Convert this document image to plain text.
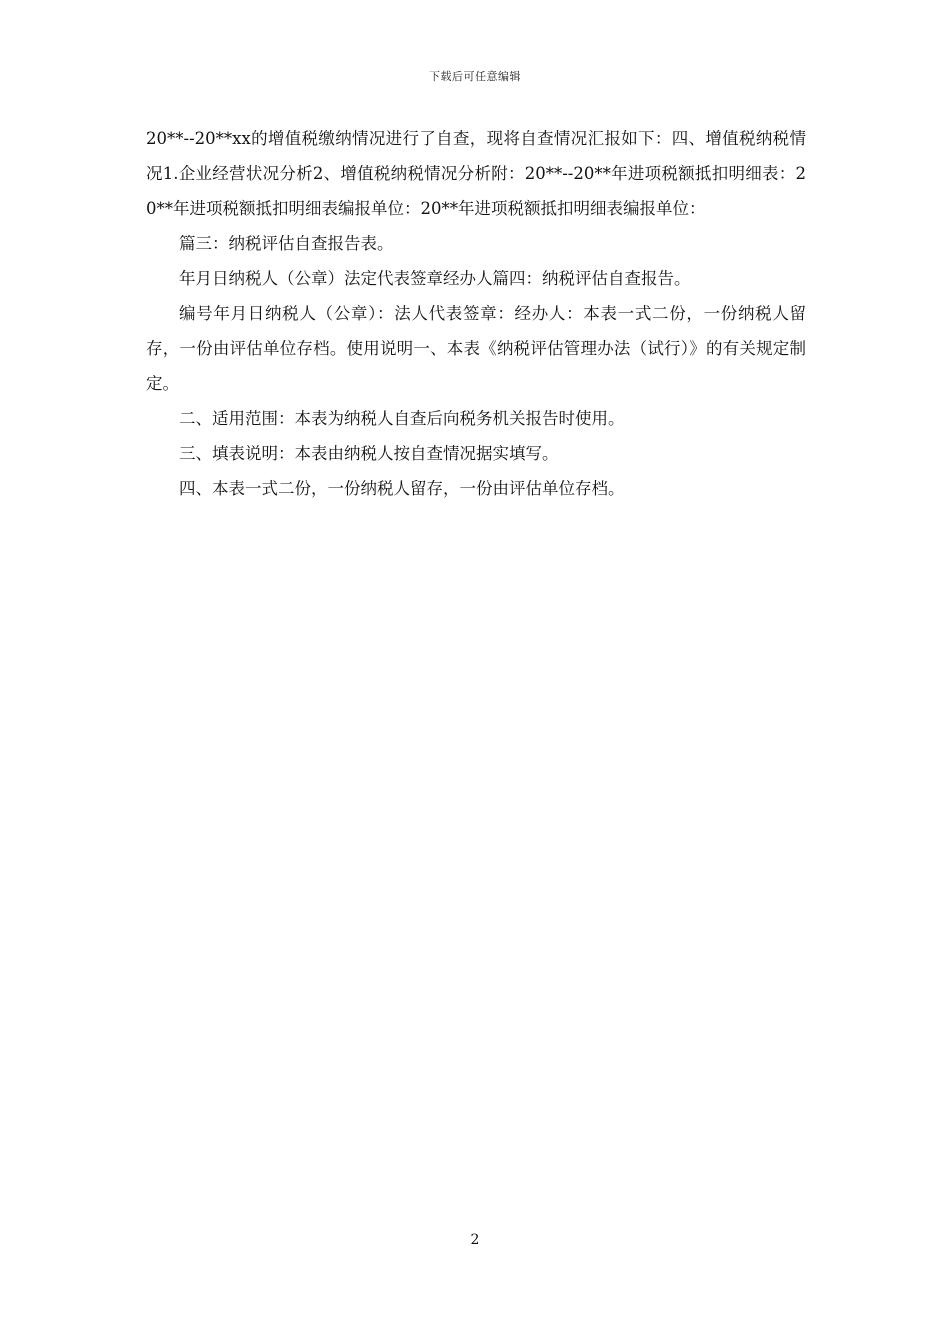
下载后可任意编辑

20**--20**xx的增值税缴纳情况进行了自查，现将自查情况汇报如下：四、增值税纳税情况1.企业经营状况分析2、增值税纳税情况分析附：20**--20**年进项税额抵扣明细表：20**年进项税额抵扣明细表编报单位：20**年进项税额抵扣明细表编报单位：

篇三：纳税评估自查报告表。

年月日纳税人（公章）法定代表签章经办人篇四：纳税评估自查报告。

编号年月日纳税人（公章）：法人代表签章：经办人：本表一式二份，一份纳税人留存，一份由评估单位存档。使用说明一、本表《纳税评估管理办法（试行）》的有关规定制定。

二、适用范围：本表为纳税人自查后向税务机关报告时使用。

三、填表说明：本表由纳税人按自查情况据实填写。

四、本表一式二份，一份纳税人留存，一份由评估单位存档。

2
